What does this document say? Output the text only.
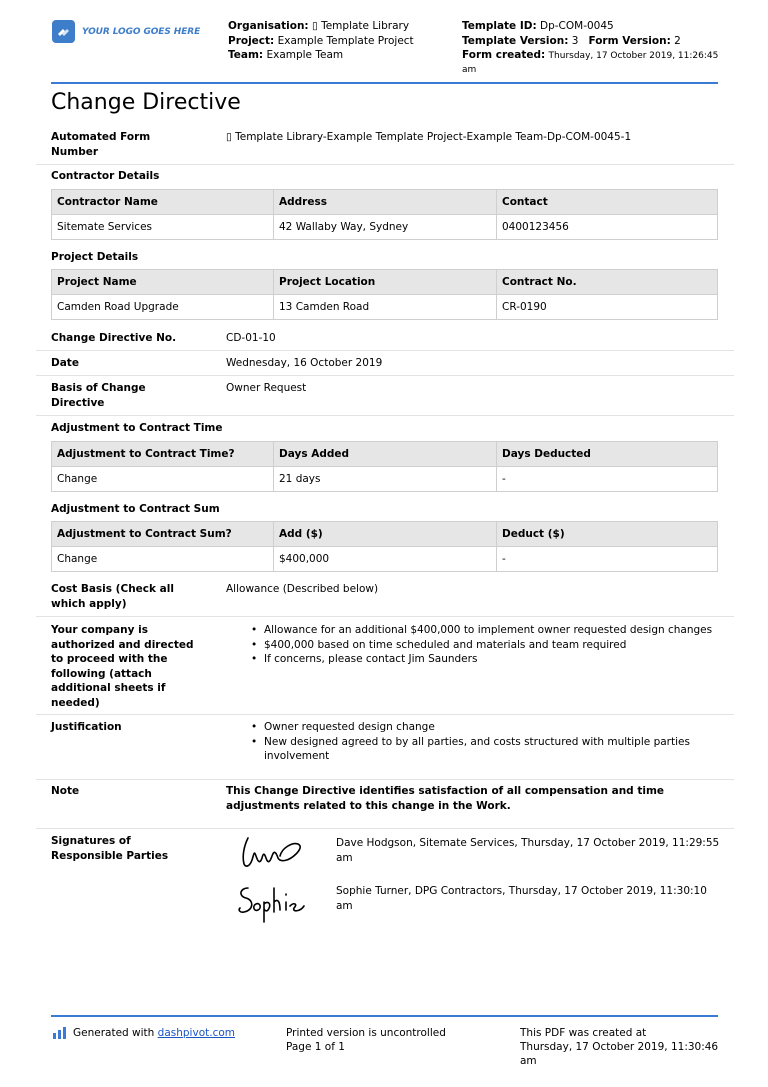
YOUR LOGO GOES HERE	Organisation: ▯ Template Library
Project: Example Template Project
Team: Example Team
Template ID: Dp-COM-0045
Template Version: 3 Form Version: 2
Form created: Thursday, 17 October 2019, 11:26:45
am
Change Directive
Automated Form
Number
▯ Template Library-Example Template Project-Example Team-Dp-COM-0045-1
Contractor Details
Contractor Name	Address	Contact
Sitemate Services	42 Wallaby Way, Sydney	0400123456
Project Details
Project Name	Project Location	Contract No.
Camden Road Upgrade	13 Camden Road	CR-0190
Change Directive No.	CD-01-10
Date	Wednesday, 16 October 2019
Basis of Change
Directive
Owner Request
Adjustment to Contract Time
Adjustment to Contract Time?	Days Added	Days Deducted
Change	21 days	-
Adjustment to Contract Sum
Adjustment to Contract Sum?	Add ($)	Deduct ($)
Change	$400,000	-
Cost Basis (Check all
which apply)
Allowance (Described below)
Your company is
authorized and directed
to proceed with the
following (attach
additional sheets if
needed)
• Allowance for an additional $400,000 to implement owner requested design changes
• $400,000 based on time scheduled and materials and team required
• If concerns, please contact Jim Saunders
Justification	• Owner requested design change
• New designed agreed to by all parties, and costs structured with multiple parties
involvement
Note	This Change Directive identifies satisfaction of all compensation and time
adjustments related to this change in the Work.
Signatures of
Responsible Parties
Dave Hodgson, Sitemate Services, Thursday, 17 October 2019, 11:29:55
am
Sophie Turner, DPG Contractors, Thursday, 17 October 2019, 11:30:10
am
Generated with dashpivot.com	Printed version is uncontrolled
Page 1 of 1
This PDF was created at
Thursday, 17 October 2019, 11:30:46
am
